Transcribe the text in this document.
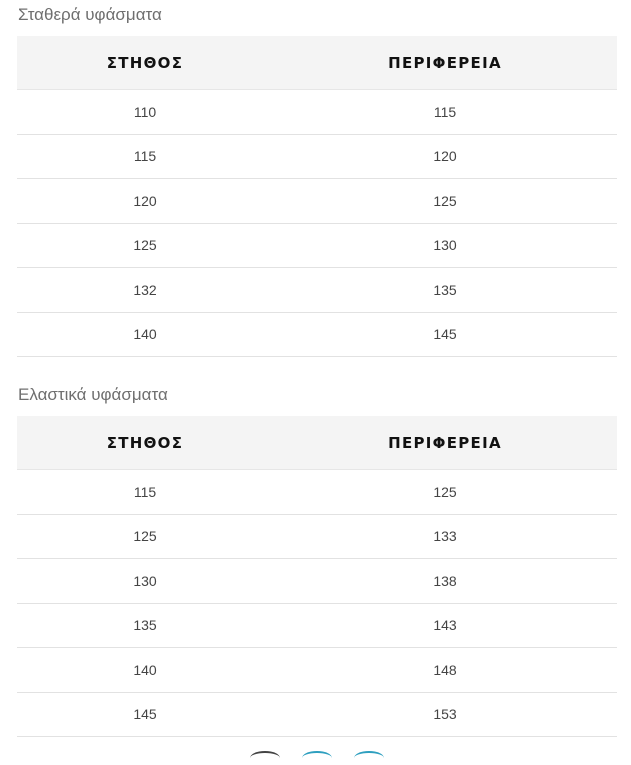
Σταθερά υφάσματα
ΣΤΗΘΟΣ	ΠΕΡΙΦΕΡΕΙΑ
110	115
115	120
120	125
125	130
132	135
140	145
Ελαστικά υφάσματα
ΣΤΗΘΟΣ	ΠΕΡΙΦΕΡΕΙΑ
115	125
125	133
130	138
135	143
140	148
145	153
